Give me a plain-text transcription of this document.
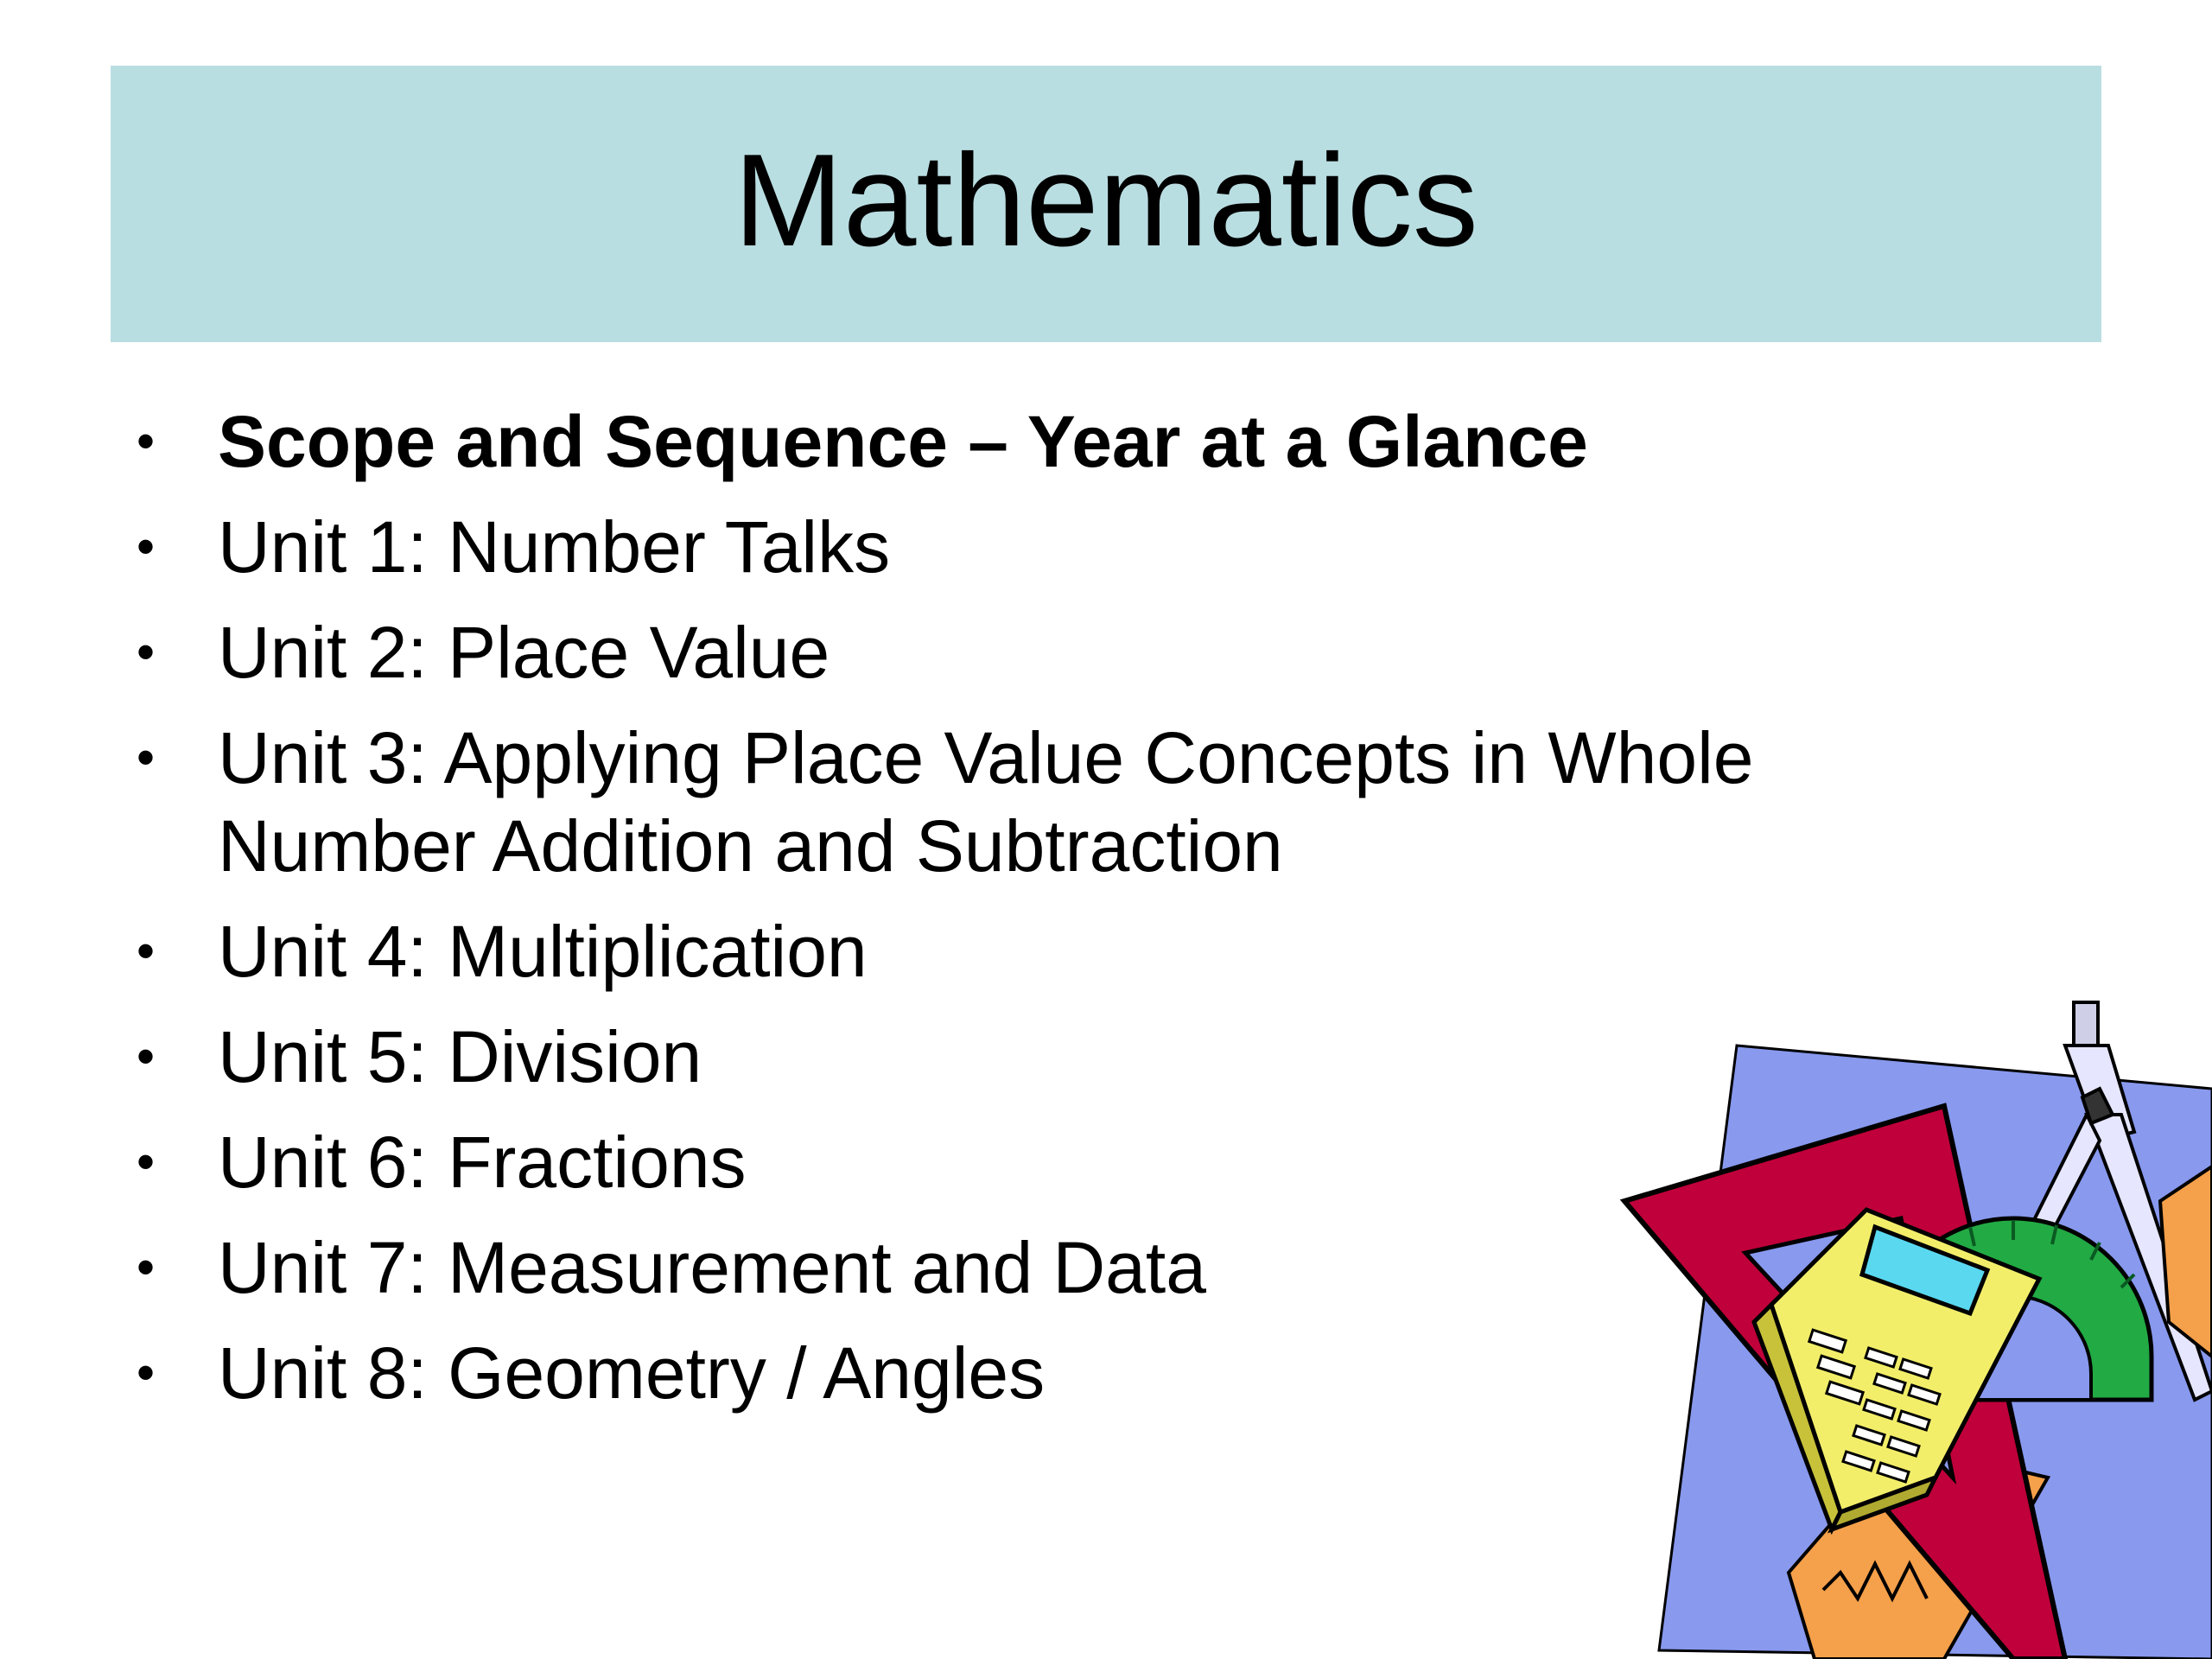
Mathematics
• Scope and Sequence – Year at a Glance
• Unit 1: Number Talks
• Unit 2: Place Value
• Unit 3: Applying Place Value Concepts in Whole Number Addition and Subtraction
• Unit 4: Multiplication
• Unit 5: Division
• Unit 6: Fractions
• Unit 7: Measurement and Data
• Unit 8: Geometry / Angles
